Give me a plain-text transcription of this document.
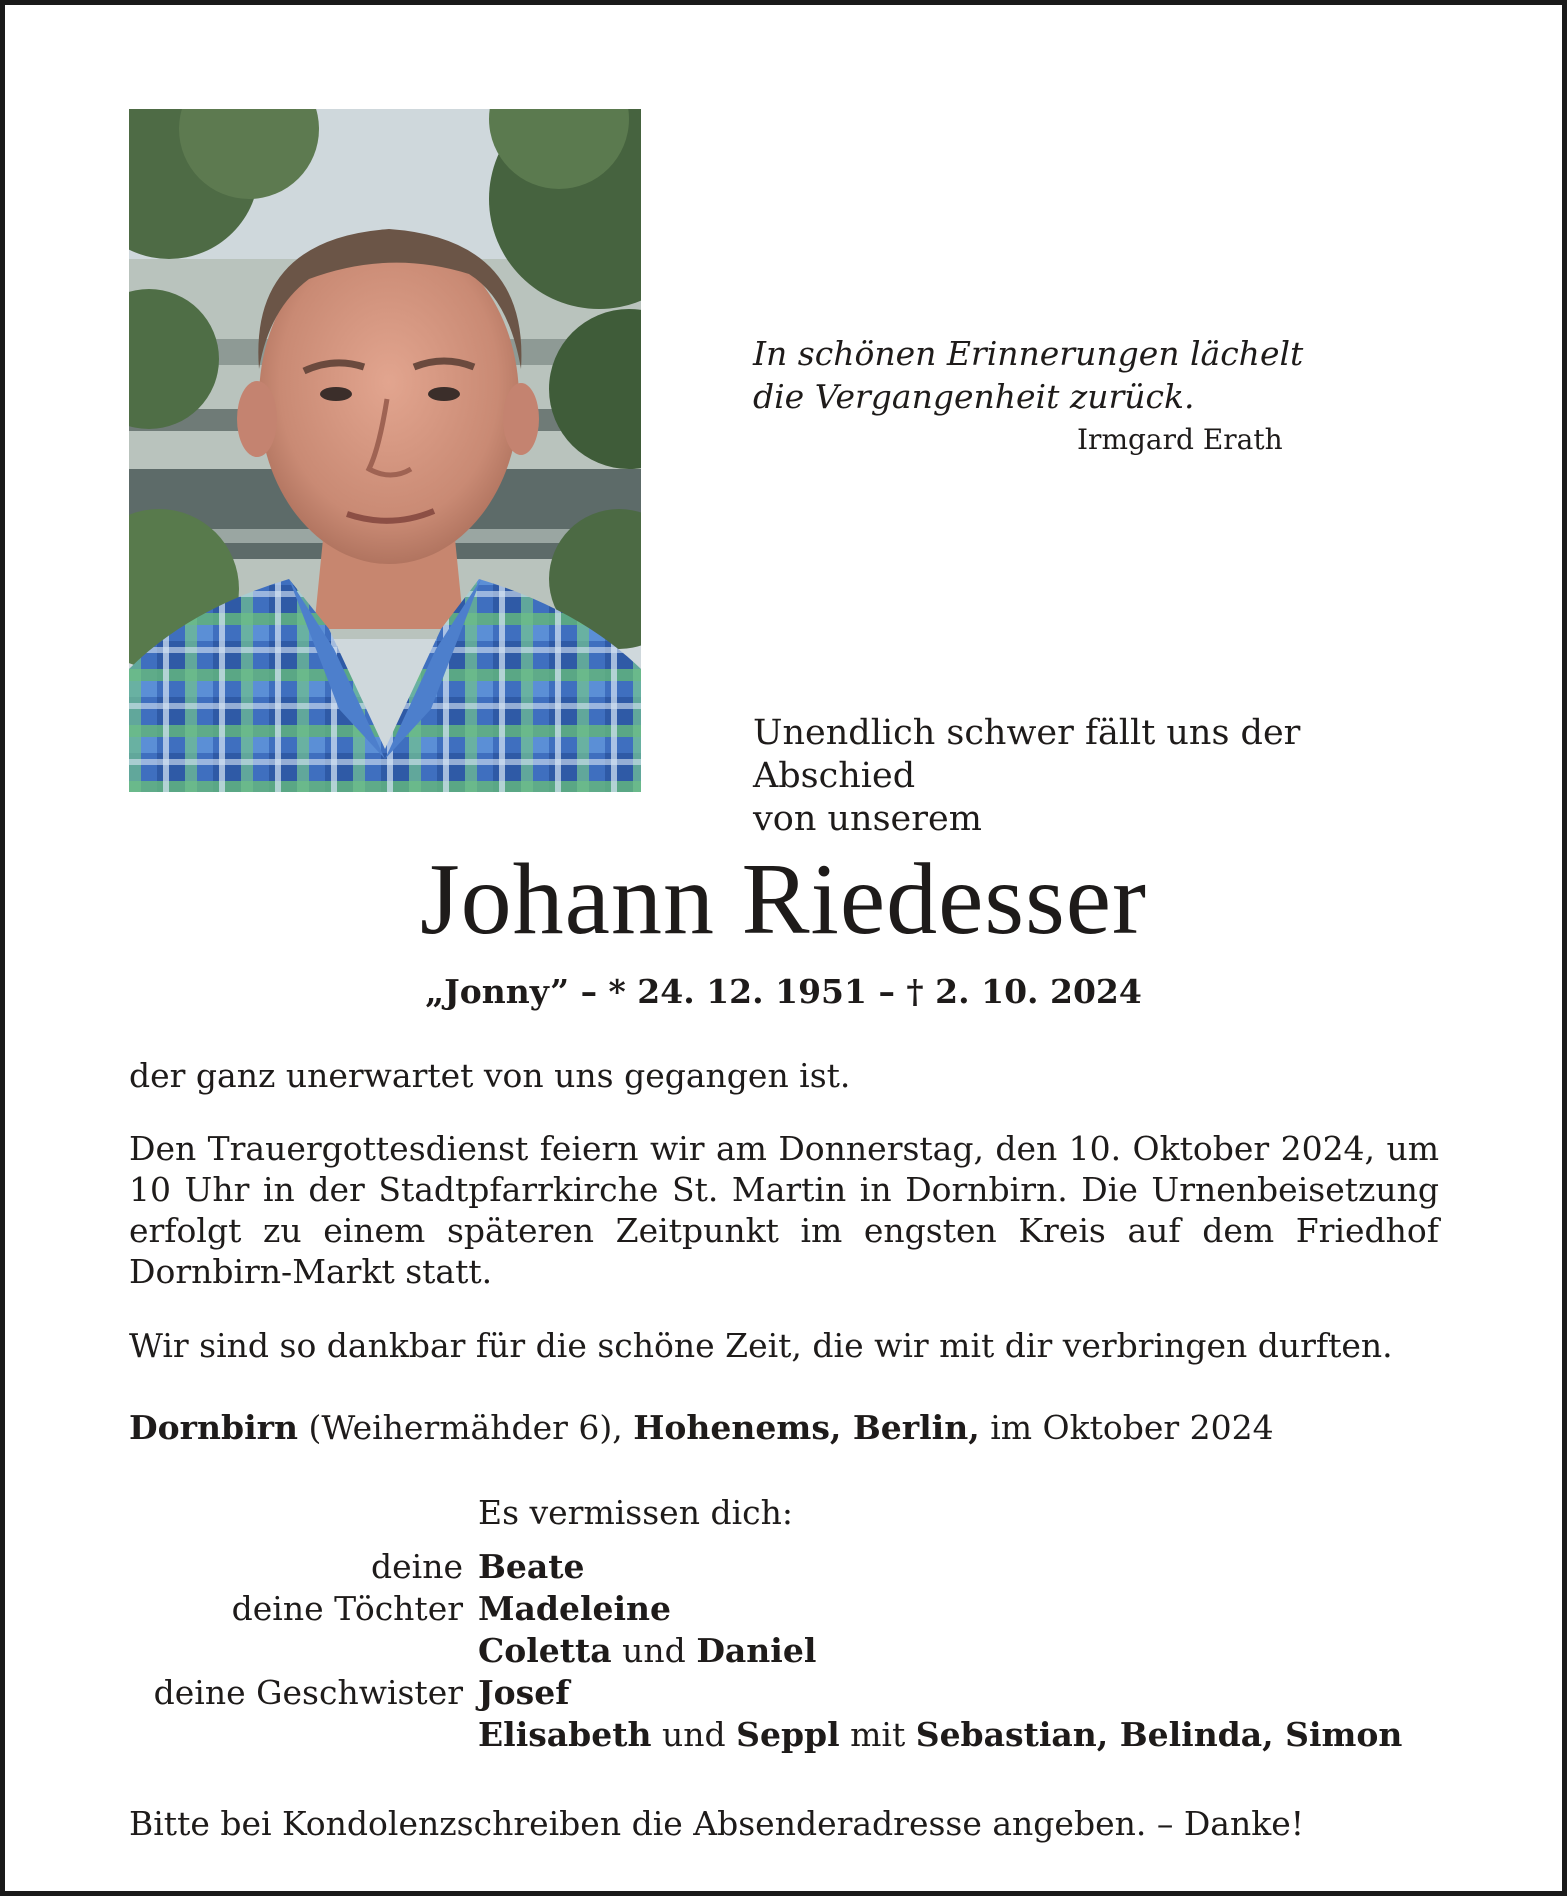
In schönen Erinnerungen lächelt
die Vergangenheit zurück.
Irmgard Erath
Unendlich schwer fällt uns der Abschied
von unserem
Johann Riedesser
„Jonny” – * 24. 12. 1951 – † 2. 10. 2024
der ganz unerwartet von uns gegangen ist.
Den Trauergottesdienst feiern wir am Donnerstag, den 10. Oktober 2024, um 10 Uhr in der Stadtpfarrkirche St. Martin in Dornbirn. Die Urnenbeisetzung erfolgt zu einem späteren Zeitpunkt im engsten Kreis auf dem Friedhof Dornbirn-Markt statt.
Wir sind so dankbar für die schöne Zeit, die wir mit dir verbringen durften.
Dornbirn (Weihermähder 6), Hohenems, Berlin, im Oktober 2024
Es vermissen dich:
deine Beate
deine Töchter Madeleine
Coletta und Daniel
deine Geschwister Josef
Elisabeth und Seppl mit Sebastian, Belinda, Simon
Bitte bei Kondolenzschreiben die Absenderadresse angeben. – Danke!
